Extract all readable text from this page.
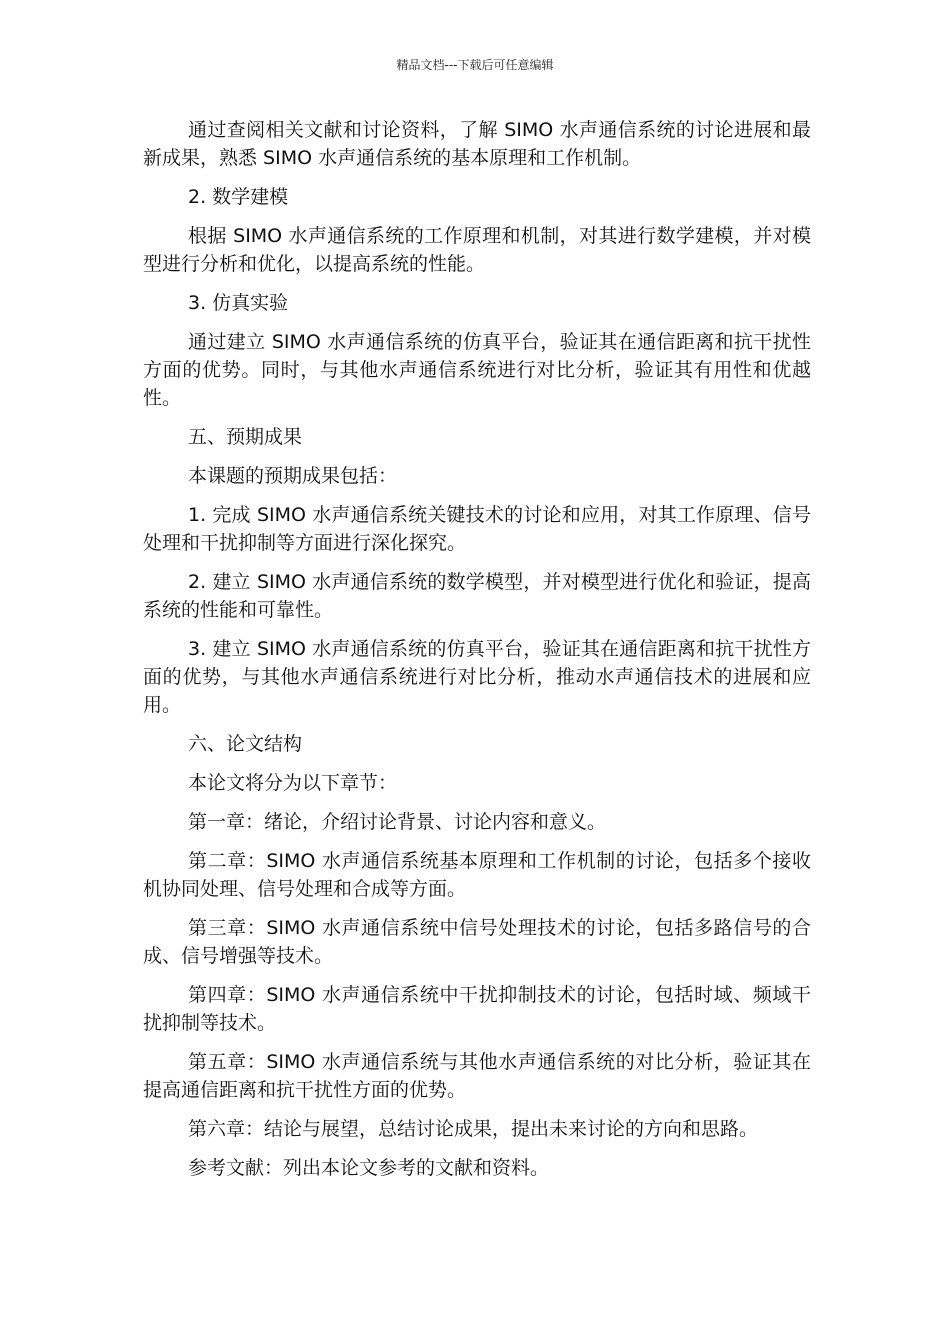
精品文档---下载后可任意编辑

通过查阅相关文献和讨论资料，了解 SIMO 水声通信系统的讨论进展和最新成果，熟悉 SIMO 水声通信系统的基本原理和工作机制。

2. 数学建模

根据 SIMO 水声通信系统的工作原理和机制，对其进行数学建模，并对模型进行分析和优化，以提高系统的性能。

3. 仿真实验

通过建立 SIMO 水声通信系统的仿真平台，验证其在通信距离和抗干扰性方面的优势。同时，与其他水声通信系统进行对比分析，验证其有用性和优越性。

五、预期成果

本课题的预期成果包括：

1. 完成 SIMO 水声通信系统关键技术的讨论和应用，对其工作原理、信号处理和干扰抑制等方面进行深化探究。

2. 建立 SIMO 水声通信系统的数学模型，并对模型进行优化和验证，提高系统的性能和可靠性。

3. 建立 SIMO 水声通信系统的仿真平台，验证其在通信距离和抗干扰性方面的优势，与其他水声通信系统进行对比分析，推动水声通信技术的进展和应用。

六、论文结构

本论文将分为以下章节：

第一章：绪论，介绍讨论背景、讨论内容和意义。

第二章：SIMO 水声通信系统基本原理和工作机制的讨论，包括多个接收机协同处理、信号处理和合成等方面。

第三章：SIMO 水声通信系统中信号处理技术的讨论，包括多路信号的合成、信号增强等技术。

第四章：SIMO 水声通信系统中干扰抑制技术的讨论，包括时域、频域干扰抑制等技术。

第五章：SIMO 水声通信系统与其他水声通信系统的对比分析，验证其在提高通信距离和抗干扰性方面的优势。

第六章：结论与展望，总结讨论成果，提出未来讨论的方向和思路。

参考文献：列出本论文参考的文献和资料。
